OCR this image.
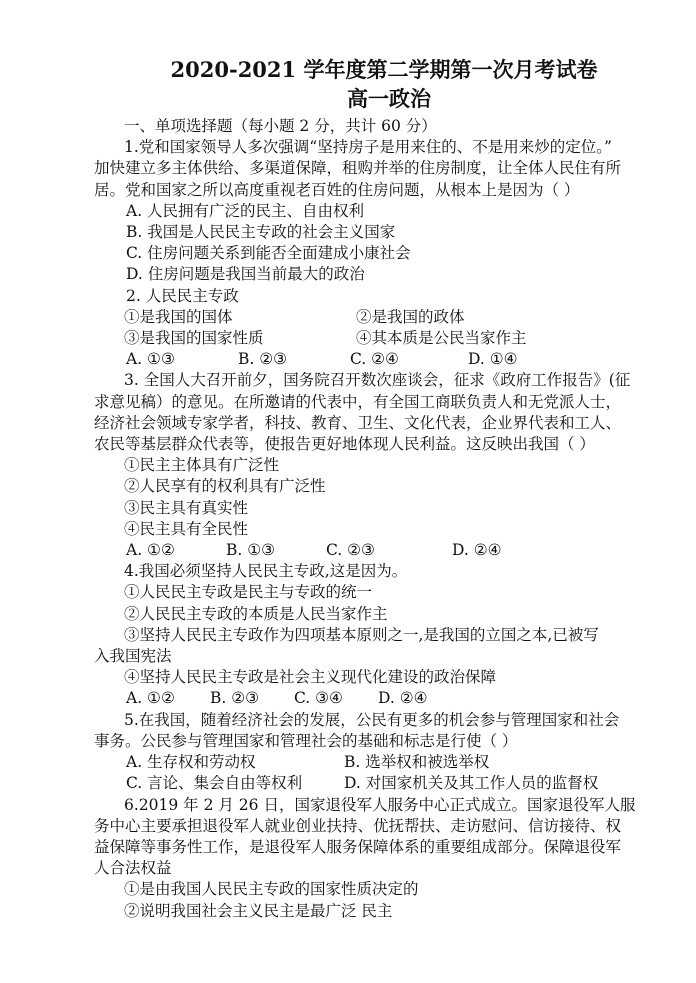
2020-2021 学年度第二学期第一次月考试卷

高一政治

一、单项选择题（每小题 2 分，共计 60 分）

1.党和国家领导人多次强调“坚持房子是用来住的、不是用来炒的定位。”

加快建立多主体供给、多渠道保障，租购并举的住房制度，让全体人民住有所

居。党和国家之所以高度重视老百姓的住房问题，从根本上是因为（ ）

A. 人民拥有广泛的民主、自由权利

B. 我国是人民民主专政的社会主义国家

C. 住房问题关系到能否全面建成小康社会

D. 住房问题是我国当前最大的政治

2. 人民民主专政

①是我国的国体	②是我国的政体
③是我国的国家性质	④其本质是公民当家作主
A. ①③	B. ②③	C. ②④	D. ①④

3. 全国人大召开前夕，国务院召开数次座谈会，征求《政府工作报告》(征

求意见稿）的意见。在所邀请的代表中，有全国工商联负责人和无党派人士，

经济社会领域专家学者，科技、教育、卫生、文化代表，企业界代表和工人、

农民等基层群众代表等，使报告更好地体现人民利益。这反映出我国（ ）

①民主主体具有广泛性

②人民享有的权利具有广泛性

③民主具有真实性

④民主具有全民性

A. ①②	B. ①③	C. ②③	D. ②④

4.我国必须坚持人民民主专政,这是因为。

①人民民主专政是民主与专政的统一

②人民民主专政的本质是人民当家作主

③坚持人民民主专政作为四项基本原则之一,是我国的立国之本,已被写

入我国宪法

④坚持人民民主专政是社会主义现代化建设的政治保障

A. ①②	B. ②③	C. ③④	D. ②④

5.在我国，随着经济社会的发展，公民有更多的机会参与管理国家和社会

事务。公民参与管理国家和管理社会的基础和标志是行使（ ）

A. 生存权和劳动权	B. 选举权和被选举权
C. 言论、集会自由等权利	D. 对国家机关及其工作人员的监督权

6.2019 年 2 月 26 日，国家退役军人服务中心正式成立。国家退役军人服

务中心主要承担退役军人就业创业扶持、优抚帮扶、走访慰问、信访接待、权

益保障等事务性工作，是退役军人服务保障体系的重要组成部分。保障退役军

人合法权益

①是由我国人民民主专政的国家性质决定的

②说明我国社会主义民主是最广泛 民主
